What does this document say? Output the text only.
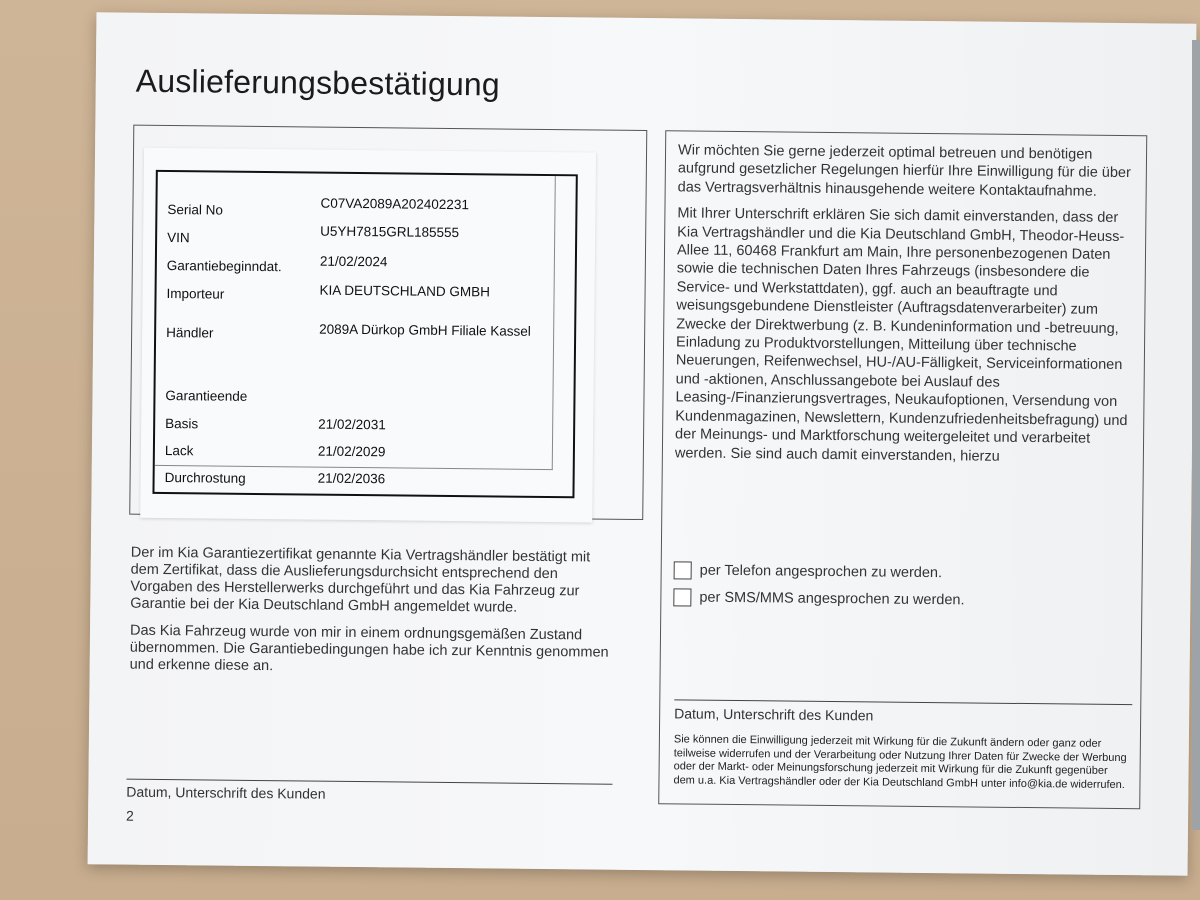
Auslieferungsbestätigung
Serial No	C07VA2089A202402231
VIN	U5YH7815GRL185555
Garantiebeginndat.	21/02/2024
Importeur	KIA DEUTSCHLAND GMBH
Händler	2089A Dürkop GmbH Filiale Kassel
Garantieende
Basis	21/02/2031
Lack	21/02/2029
Durchrostung	21/02/2036

Der im Kia Garantiezertifikat genannte Kia Vertragshändler bestätigt mit dem Zertifikat, dass die Auslieferungsdurchsicht entsprechend den Vorgaben des Herstellerwerks durchgeführt und das Kia Fahrzeug zur Garantie bei der Kia Deutschland GmbH angemeldet wurde.

Das Kia Fahrzeug wurde von mir in einem ordnungsgemäßen Zustand übernommen. Die Garantiebedingungen habe ich zur Kenntnis genommen und erkenne diese an.

Datum, Unterschrift des Kunden
2

Wir möchten Sie gerne jederzeit optimal betreuen und benötigen aufgrund gesetzlicher Regelungen hierfür Ihre Einwilligung für die über das Vertragsverhältnis hinausgehende weitere Kontaktaufnahme.

Mit Ihrer Unterschrift erklären Sie sich damit einverstanden, dass der Kia Vertragshändler und die Kia Deutschland GmbH, Theodor-Heuss-Allee 11, 60468 Frankfurt am Main, Ihre personenbezogenen Daten sowie die technischen Daten Ihres Fahrzeugs (insbesondere die Service- und Werkstattdaten), ggf. auch an beauftragte und weisungsgebundene Dienstleister (Auftragsdatenverarbeiter) zum Zwecke der Direktwerbung (z. B. Kundeninformation und -betreuung, Einladung zu Produktvorstellungen, Mitteilung über technische Neuerungen, Reifenwechsel, HU-/AU-Fälligkeit, Serviceinformationen und -aktionen, Anschlussangebote bei Auslauf des Leasing-/Finanzierungsvertrages, Neukaufoptionen, Versendung von Kundenmagazinen, Newslettern, Kundenzufriedenheitsbefragung) und der Meinungs- und Marktforschung weitergeleitet und verarbeitet werden. Sie sind auch damit einverstanden, hierzu

per Telefon angesprochen zu werden.
per SMS/MMS angesprochen zu werden.
Datum, Unterschrift des Kunden
Sie können die Einwilligung jederzeit mit Wirkung für die Zukunft ändern oder ganz oder teilweise widerrufen und der Verarbeitung oder Nutzung Ihrer Daten für Zwecke der Werbung oder der Markt- oder Meinungsforschung jederzeit mit Wirkung für die Zukunft gegenüber dem u.a. Kia Vertragshändler oder der Kia Deutschland GmbH unter info@kia.de widerrufen.
